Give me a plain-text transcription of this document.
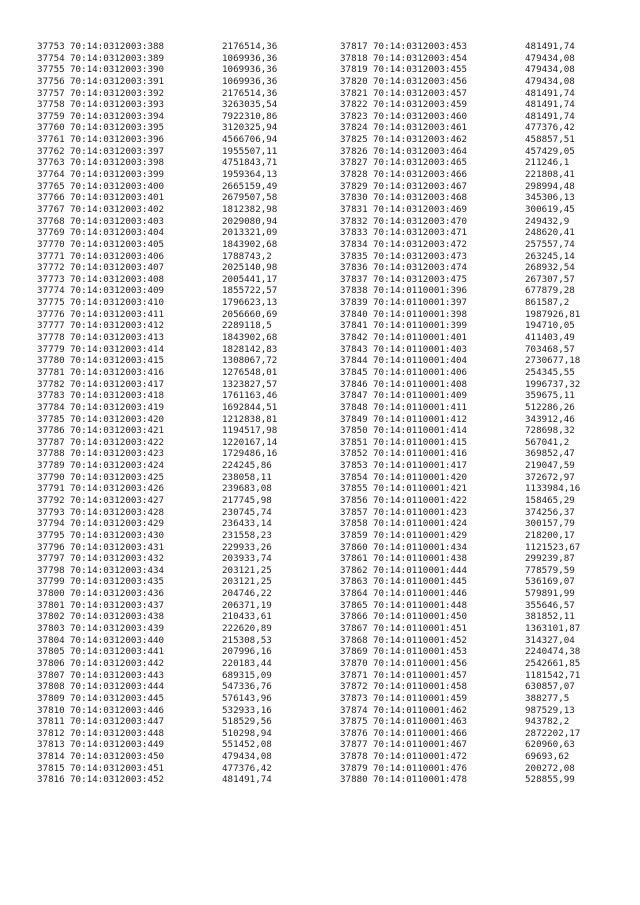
37753 70:14:0312003:388	2176514,36
37754 70:14:0312003:389	1069936,36
37755 70:14:0312003:390	1069936,36
37756 70:14:0312003:391	1069936,36
37757 70:14:0312003:392	2176514,36
37758 70:14:0312003:393	3263035,54
37759 70:14:0312003:394	7922310,86
37760 70:14:0312003:395	3120325,94
37761 70:14:0312003:396	4566706,94
37762 70:14:0312003:397	1955507,11
37763 70:14:0312003:398	4751843,71
37764 70:14:0312003:399	1959364,13
37765 70:14:0312003:400	2665159,49
37766 70:14:0312003:401	2679507,58
37767 70:14:0312003:402	1812382,98
37768 70:14:0312003:403	2029080,94
37769 70:14:0312003:404	2013321,09
37770 70:14:0312003:405	1843902,68
37771 70:14:0312003:406	1788743,2
37772 70:14:0312003:407	2025140,98
37773 70:14:0312003:408	2005441,17
37774 70:14:0312003:409	1855722,57
37775 70:14:0312003:410	1796623,13
37776 70:14:0312003:411	2056660,69
37777 70:14:0312003:412	2289118,5
37778 70:14:0312003:413	1843902,68
37779 70:14:0312003:414	1828142,83
37780 70:14:0312003:415	1308067,72
37781 70:14:0312003:416	1276548,01
37782 70:14:0312003:417	1323827,57
37783 70:14:0312003:418	1761163,46
37784 70:14:0312003:419	1692844,51
37785 70:14:0312003:420	1212838,81
37786 70:14:0312003:421	1194517,98
37787 70:14:0312003:422	1220167,14
37788 70:14:0312003:423	1729486,16
37789 70:14:0312003:424	224245,86
37790 70:14:0312003:425	238058,11
37791 70:14:0312003:426	239683,08
37792 70:14:0312003:427	217745,98
37793 70:14:0312003:428	230745,74
37794 70:14:0312003:429	236433,14
37795 70:14:0312003:430	231558,23
37796 70:14:0312003:431	229933,26
37797 70:14:0312003:432	203933,74
37798 70:14:0312003:434	203121,25
37799 70:14:0312003:435	203121,25
37800 70:14:0312003:436	204746,22
37801 70:14:0312003:437	206371,19
37802 70:14:0312003:438	210433,61
37803 70:14:0312003:439	222620,89
37804 70:14:0312003:440	215308,53
37805 70:14:0312003:441	207996,16
37806 70:14:0312003:442	220183,44
37807 70:14:0312003:443	689315,09
37808 70:14:0312003:444	547336,76
37809 70:14:0312003:445	576143,96
37810 70:14:0312003:446	532933,16
37811 70:14:0312003:447	518529,56
37812 70:14:0312003:448	510298,94
37813 70:14:0312003:449	551452,08
37814 70:14:0312003:450	479434,08
37815 70:14:0312003:451	477376,42
37816 70:14:0312003:452	481491,74
37817 70:14:0312003:453	481491,74
37818 70:14:0312003:454	479434,08
37819 70:14:0312003:455	479434,08
37820 70:14:0312003:456	479434,08
37821 70:14:0312003:457	481491,74
37822 70:14:0312003:459	481491,74
37823 70:14:0312003:460	481491,74
37824 70:14:0312003:461	477376,42
37825 70:14:0312003:462	458857,51
37826 70:14:0312003:464	457429,05
37827 70:14:0312003:465	211246,1
37828 70:14:0312003:466	221808,41
37829 70:14:0312003:467	298994,48
37830 70:14:0312003:468	345306,13
37831 70:14:0312003:469	300619,45
37832 70:14:0312003:470	249432,9
37833 70:14:0312003:471	248620,41
37834 70:14:0312003:472	257557,74
37835 70:14:0312003:473	263245,14
37836 70:14:0312003:474	268932,54
37837 70:14:0312003:475	267307,57
37838 70:14:0110001:396	677879,28
37839 70:14:0110001:397	861587,2
37840 70:14:0110001:398	1987926,81
37841 70:14:0110001:399	194710,05
37842 70:14:0110001:401	411403,49
37843 70:14:0110001:403	703468,57
37844 70:14:0110001:404	2730677,18
37845 70:14:0110001:406	254345,55
37846 70:14:0110001:408	1996737,32
37847 70:14:0110001:409	359675,11
37848 70:14:0110001:411	512286,26
37849 70:14:0110001:412	343912,46
37850 70:14:0110001:414	728698,32
37851 70:14:0110001:415	567041,2
37852 70:14:0110001:416	369852,47
37853 70:14:0110001:417	219047,59
37854 70:14:0110001:420	372672,97
37855 70:14:0110001:421	1133984,16
37856 70:14:0110001:422	158465,29
37857 70:14:0110001:423	374256,37
37858 70:14:0110001:424	300157,79
37859 70:14:0110001:429	218200,17
37860 70:14:0110001:434	1121523,67
37861 70:14:0110001:438	299239,87
37862 70:14:0110001:444	778579,59
37863 70:14:0110001:445	536169,07
37864 70:14:0110001:446	579891,99
37865 70:14:0110001:448	355646,57
37866 70:14:0110001:450	381852,11
37867 70:14:0110001:451	1363101,87
37868 70:14:0110001:452	314327,04
37869 70:14:0110001:453	2240474,38
37870 70:14:0110001:456	2542661,85
37871 70:14:0110001:457	1181542,71
37872 70:14:0110001:458	630857,07
37873 70:14:0110001:459	388277,5
37874 70:14:0110001:462	987529,13
37875 70:14:0110001:463	943782,2
37876 70:14:0110001:466	2872202,17
37877 70:14:0110001:467	620960,63
37878 70:14:0110001:472	69693,62
37879 70:14:0110001:476	200272,08
37880 70:14:0110001:478	528855,99
